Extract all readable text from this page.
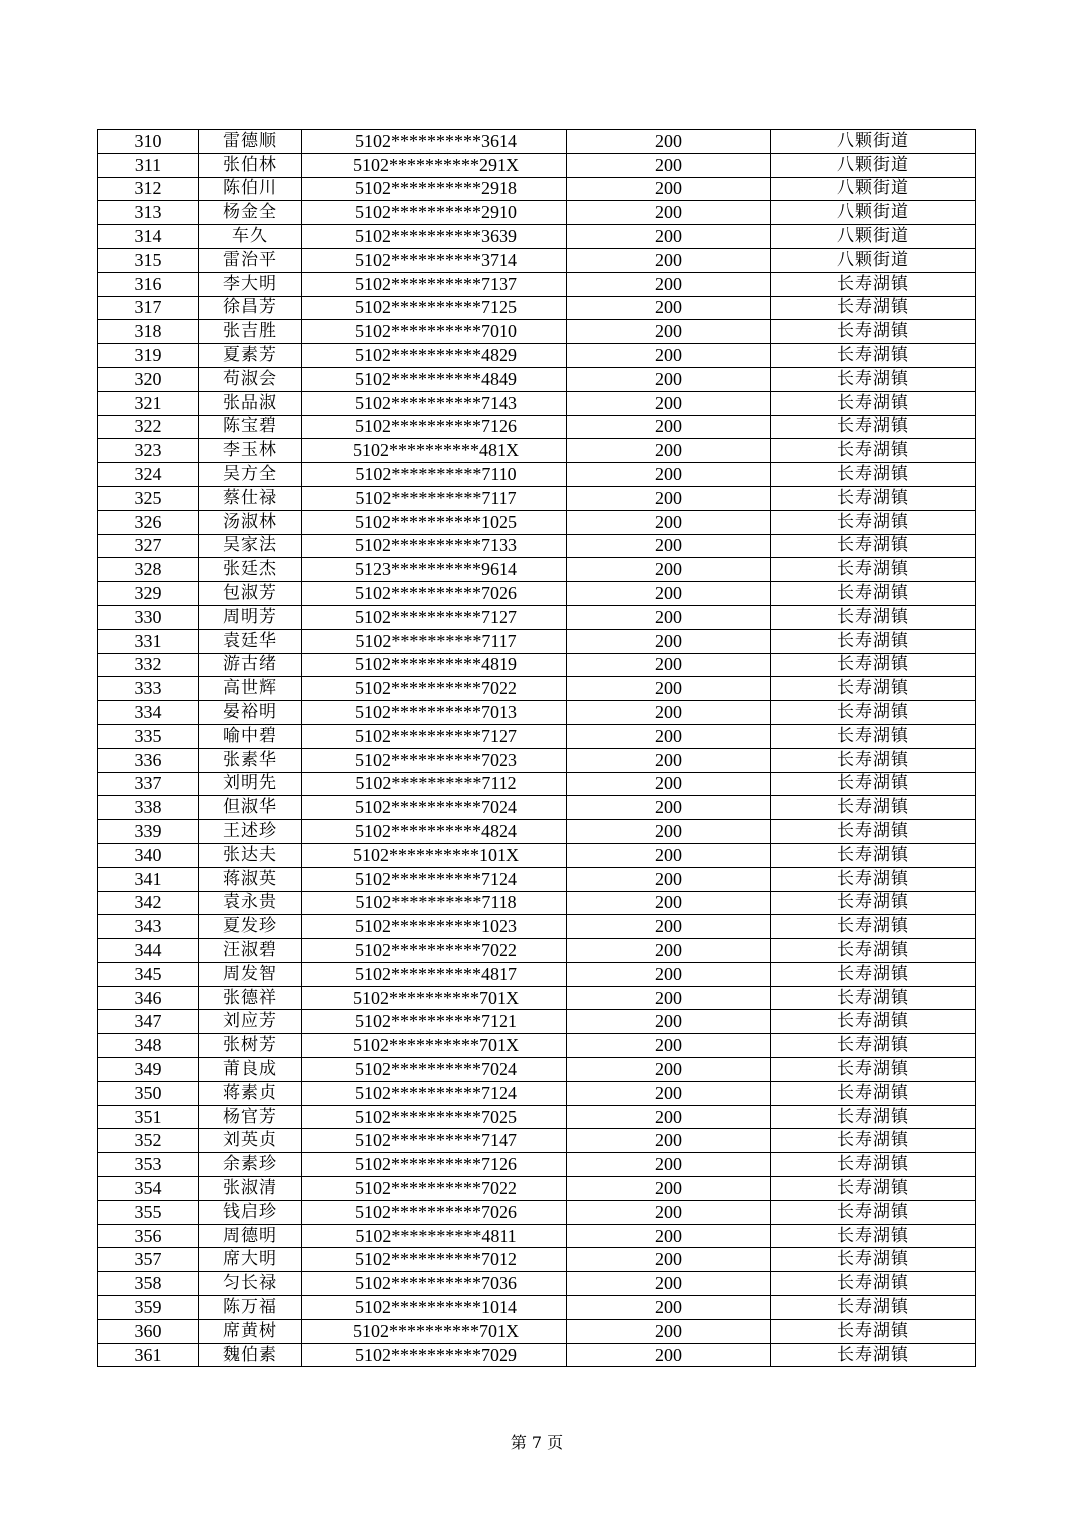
310	雷德顺	5102**********3614	200	八颗街道
311	张伯林	5102**********291X	200	八颗街道
312	陈伯川	5102**********2918	200	八颗街道
313	杨金全	5102**********2910	200	八颗街道
314	车久	5102**********3639	200	八颗街道
315	雷治平	5102**********3714	200	八颗街道
316	李大明	5102**********7137	200	长寿湖镇
317	徐昌芳	5102**********7125	200	长寿湖镇
318	张吉胜	5102**********7010	200	长寿湖镇
319	夏素芳	5102**********4829	200	长寿湖镇
320	苟淑会	5102**********4849	200	长寿湖镇
321	张品淑	5102**********7143	200	长寿湖镇
322	陈宝碧	5102**********7126	200	长寿湖镇
323	李玉林	5102**********481X	200	长寿湖镇
324	吴方全	5102**********7110	200	长寿湖镇
325	蔡仕禄	5102**********7117	200	长寿湖镇
326	汤淑林	5102**********1025	200	长寿湖镇
327	吴家法	5102**********7133	200	长寿湖镇
328	张廷杰	5123**********9614	200	长寿湖镇
329	包淑芳	5102**********7026	200	长寿湖镇
330	周明芳	5102**********7127	200	长寿湖镇
331	袁廷华	5102**********7117	200	长寿湖镇
332	游古绪	5102**********4819	200	长寿湖镇
333	高世辉	5102**********7022	200	长寿湖镇
334	晏裕明	5102**********7013	200	长寿湖镇
335	喻中碧	5102**********7127	200	长寿湖镇
336	张素华	5102**********7023	200	长寿湖镇
337	刘明先	5102**********7112	200	长寿湖镇
338	但淑华	5102**********7024	200	长寿湖镇
339	王述珍	5102**********4824	200	长寿湖镇
340	张达夫	5102**********101X	200	长寿湖镇
341	蒋淑英	5102**********7124	200	长寿湖镇
342	袁永贵	5102**********7118	200	长寿湖镇
343	夏发珍	5102**********1023	200	长寿湖镇
344	汪淑碧	5102**********7022	200	长寿湖镇
345	周发智	5102**********4817	200	长寿湖镇
346	张德祥	5102**********701X	200	长寿湖镇
347	刘应芳	5102**********7121	200	长寿湖镇
348	张树芳	5102**********701X	200	长寿湖镇
349	莆良成	5102**********7024	200	长寿湖镇
350	蒋素贞	5102**********7124	200	长寿湖镇
351	杨官芳	5102**********7025	200	长寿湖镇
352	刘英贞	5102**********7147	200	长寿湖镇
353	余素珍	5102**********7126	200	长寿湖镇
354	张淑清	5102**********7022	200	长寿湖镇
355	钱启珍	5102**********7026	200	长寿湖镇
356	周德明	5102**********4811	200	长寿湖镇
357	席大明	5102**********7012	200	长寿湖镇
358	匀长禄	5102**********7036	200	长寿湖镇
359	陈万福	5102**********1014	200	长寿湖镇
360	席黄树	5102**********701X	200	长寿湖镇
361	魏伯素	5102**********7029	200	长寿湖镇
第 7 页
